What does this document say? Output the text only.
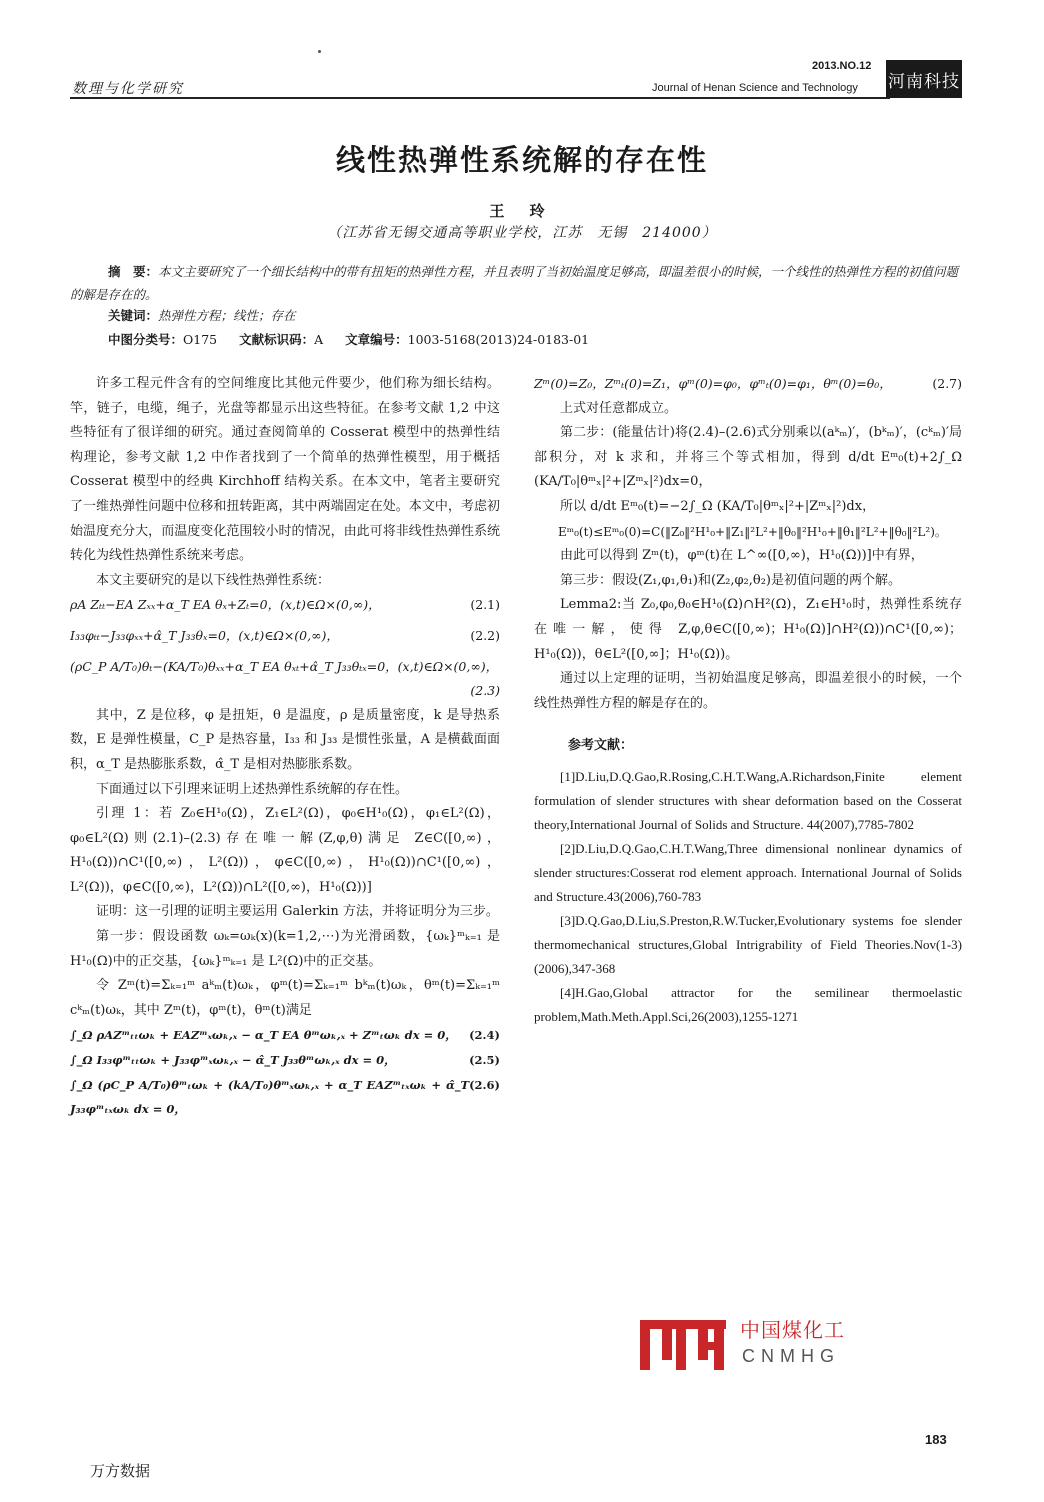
数理与化学研究
2013.NO.12
Journal of Henan Science and Technology 河南科技
线性热弹性系统解的存在性
王 玲
（江苏省无锡交通高等职业学校，江苏　无锡　214000）
摘　要：本文主要研究了一个细长结构中的带有扭矩的热弹性方程，并且表明了当初始温度足够高，即温差很小的时候，一个线性的热弹性方程的初值问题的解是存在的。
关键词：热弹性方程；线性；存在
中图分类号：O175 文献标识码：A 文章编号：1003-5168(2013)24-0183-01

许多工程元件含有的空间维度比其他元件要少，他们称为细长结构。竿，链子，电缆，绳子，光盘等都显示出这些特征。在参考文献 1,2 中这些特征有了很详细的研究。通过查阅简单的 Cosserat 模型中的热弹性结构理论，参考文献 1,2 中作者找到了一个简单的热弹性模型，用于概括 Cosserat 模型中的经典 Kirchhoff 结构关系。在本文中，笔者主要研究了一维热弹性问题中位移和扭转距离，其中两端固定在处。本文中，考虑初始温度充分大，而温度变化范围较小时的情况，由此可将非线性热弹性系统转化为线性热弹性系统来考虑。

本文主要研究的是以下线性热弹性系统：

ρA Zₜₜ−EA Zₓₓ+α_T EA θₓ+Zₜ=0，(x,t)∈Ω×(0,∞)，	(2.1)
I₃₃φₜₜ−J₃₃φₓₓ+α̂_T J₃₃θₓ=0，(x,t)∈Ω×(0,∞)，	(2.2)
(ρC_P A/T₀)θₜ−(KA/T₀)θₓₓ+α_T EA θₓₜ+α̂_T J₃₃θₜₓ=0，(x,t)∈Ω×(0,∞)，
(2.3)

其中，Z 是位移，φ 是扭矩，θ 是温度，ρ 是质量密度，k 是导热系数，E 是弹性模量，C_P 是热容量，I₃₃ 和 J₃₃ 是惯性张量，A 是横截面面积，α_T 是热膨胀系数，α̂_T 是相对热膨胀系数。

下面通过以下引理来证明上述热弹性系统解的存在性。

引理 1：若 Z₀∈H¹₀(Ω)，Z₁∈L²(Ω)，φ₀∈H¹₀(Ω)，φ₁∈L²(Ω)，φ₀∈L²(Ω)则(2.1)–(2.3)存在唯一解(Z,φ,θ)满足 Z∈C([0,∞)，H¹₀(Ω))∩C¹([0,∞)，L²(Ω))，φ∈C([0,∞)，H¹₀(Ω))∩C¹([0,∞)，L²(Ω))，φ∈C([0,∞)，L²(Ω))∩L²([0,∞)，H¹₀(Ω))]

证明：这一引理的证明主要运用 Galerkin 方法，并将证明分为三步。

第一步：假设函数 ωₖ=ωₖ(x)(k=1,2,⋯)为光滑函数，{ωₖ}ᵐₖ₌₁ 是 H¹₀(Ω)中的正交基，{ωₖ}ᵐₖ₌₁ 是 L²(Ω)中的正交基。

令 Zᵐ(t)=Σₖ₌₁ᵐ aᵏₘ(t)ωₖ，φᵐ(t)=Σₖ₌₁ᵐ bᵏₘ(t)ωₖ，θᵐ(t)=Σₖ₌₁ᵐ cᵏₘ(t)ωₖ，其中 Zᵐ(t)，φᵐ(t)，θᵐ(t)满足

∫_Ω ρAZᵐₜₜωₖ + EAZᵐₓωₖ,ₓ − α_T EA θᵐωₖ,ₓ + Zᵐₜωₖ dx = 0， (2.4)
∫_Ω I₃₃φᵐₜₜωₖ + J₃₃φᵐₓωₖ,ₓ − α̂_T J₃₃θᵐωₖ,ₓ dx = 0，	(2.5)
∫_Ω (ρC_P A/T₀)θᵐₜωₖ + (kA/T₀)θᵐₓωₖ,ₓ + α_T EAZᵐₜₓωₖ + α̂_T J₃₃φᵐₜₓωₖ dx = 0，
(2.6)
Zᵐ(0)=Z₀，Zᵐₜ(0)=Z₁，φᵐ(0)=φ₀，φᵐₜ(0)=φ₁，θᵐ(0)=θ₀，	(2.7)

上式对任意都成立。

第二步：(能量估计)将(2.4)–(2.6)式分别乘以(aᵏₘ)′，(bᵏₘ)′，(cᵏₘ)′局部积分，对 k 求和，并将三个等式相加，得到 d/dt Eᵐ₀(t)+2∫_Ω (KA/T₀|θᵐₓ|²+|Zᵐₓ|²)dx=0，

所以 d/dt Eᵐ₀(t)=−2∫_Ω (KA/T₀|θᵐₓ|²+|Zᵐₓ|²)dx，

Eᵐ₀(t)≤Eᵐ₀(0)=C(‖Z₀‖²H¹₀+‖Z₁‖²L²+‖θ₀‖²H¹₀+‖θ₁‖²L²+‖θ₀‖²L²)。

由此可以得到 Zᵐ(t)，φᵐ(t)在 L^∞([0,∞)，H¹₀(Ω))]中有界，

第三步：假设(Z₁,φ₁,θ₁)和(Z₂,φ₂,θ₂)是初值问题的两个解。

Lemma2:当 Z₀,φ₀,θ₀∈H¹₀(Ω)∩H²(Ω)，Z₁∈H¹₀时，热弹性系统存在唯一解，使得 Z,φ,θ∈C([0,∞)；H¹₀(Ω)]∩H²(Ω))∩C¹([0,∞)；H¹₀(Ω))，θ∈L²([0,∞]；H¹₀(Ω))。

通过以上定理的证明，当初始温度足够高，即温差很小的时候，一个线性热弹性方程的解是存在的。

参考文献：
[1]D.Liu,D.Q.Gao,R.Rosing,C.H.T.Wang,A.Richardson,Finite element formulation of slender structures with shear deformation based on the Cosserat theory,International Journal of Solids and Structure. 44(2007),7785-7802
[2]D.Liu,D.Q.Gao,C.H.T.Wang,Three dimensional nonlinear dynamics of slender structures:Cosserat rod element approach. International Journal of Solids and Structure.43(2006),760-783
[3]D.Q.Gao,D.Liu,S.Preston,R.W.Tucker,Evolutionary systems foe slender thermomechanical structures,Global Intrigrability of Field Theories.Nov(1-3)(2006),347-368
[4]H.Gao,Global attractor for the semilinear thermoelastic problem,Math.Meth.Appl.Sci,26(2003),1255-1271
中国煤化工
CNMHG
183
万方数据
